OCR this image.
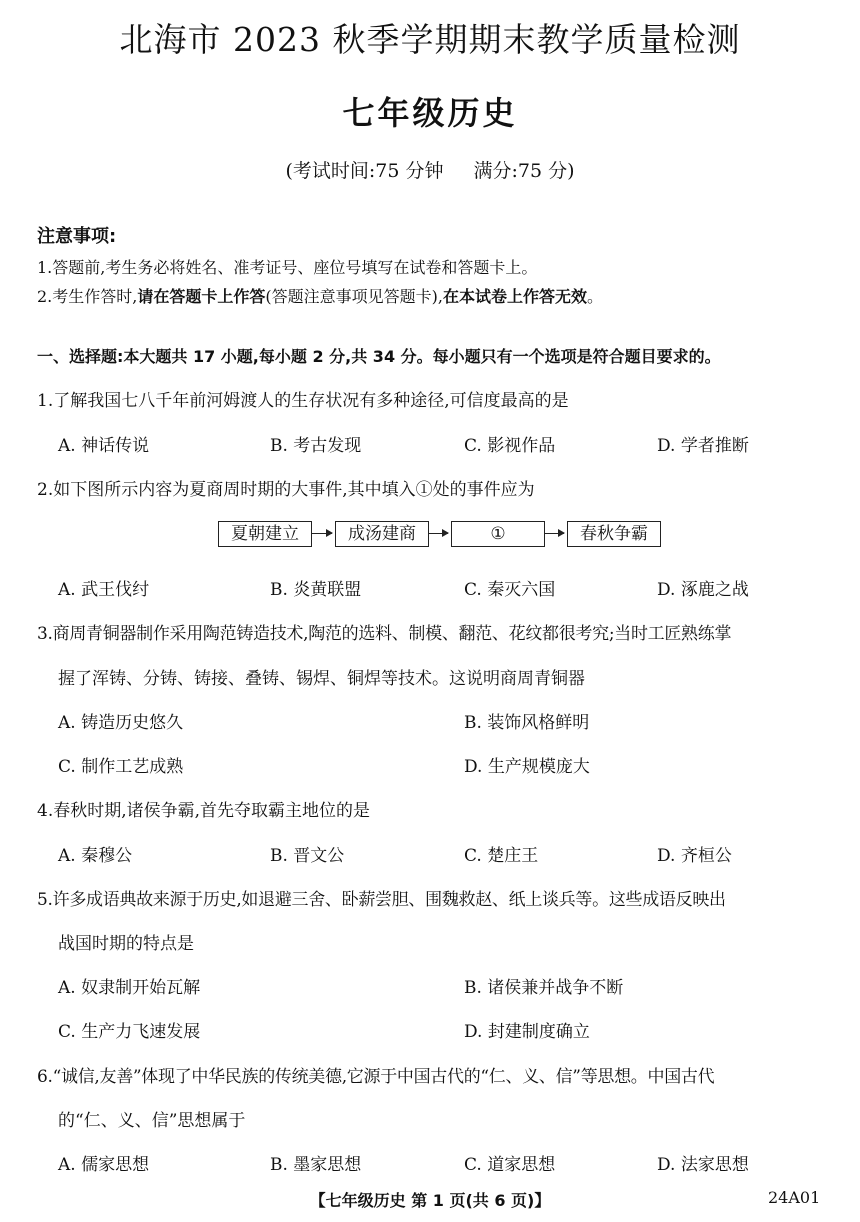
北海市 2023 秋季学期期末教学质量检测
七年级历史
(考试时间:75 分钟 满分:75 分)
注意事项:
1.答题前,考生务必将姓名、准考证号、座位号填写在试卷和答题卡上。
2.考生作答时,请在答题卡上作答(答题注意事项见答题卡),在本试卷上作答无效。
一、选择题:本大题共 17 小题,每小题 2 分,共 34 分。每小题只有一个选项是符合题目要求的。
1.了解我国七八千年前河姆渡人的生存状况有多种途径,可信度最高的是
A. 神话传说	B. 考古发现	C. 影视作品	D. 学者推断
2.如下图所示内容为夏商周时期的大事件,其中填入①处的事件应为
夏朝建立	成汤建商	①	春秋争霸
A. 武王伐纣	B. 炎黄联盟	C. 秦灭六国	D. 涿鹿之战
3.商周青铜器制作采用陶范铸造技术,陶范的选料、制模、翻范、花纹都很考究;当时工匠熟练掌
握了浑铸、分铸、铸接、叠铸、锡焊、铜焊等技术。这说明商周青铜器
A. 铸造历史悠久	B. 装饰风格鲜明
C. 制作工艺成熟	D. 生产规模庞大
4.春秋时期,诸侯争霸,首先夺取霸主地位的是
A. 秦穆公	B. 晋文公	C. 楚庄王	D. 齐桓公
5.许多成语典故来源于历史,如退避三舍、卧薪尝胆、围魏救赵、纸上谈兵等。这些成语反映出
战国时期的特点是
A. 奴隶制开始瓦解	B. 诸侯兼并战争不断
C. 生产力飞速发展	D. 封建制度确立
6.“诚信,友善”体现了中华民族的传统美德,它源于中国古代的“仁、义、信”等思想。中国古代
的“仁、义、信”思想属于
A. 儒家思想	B. 墨家思想	C. 道家思想	D. 法家思想
【七年级历史 第 1 页(共 6 页)】	24A01
